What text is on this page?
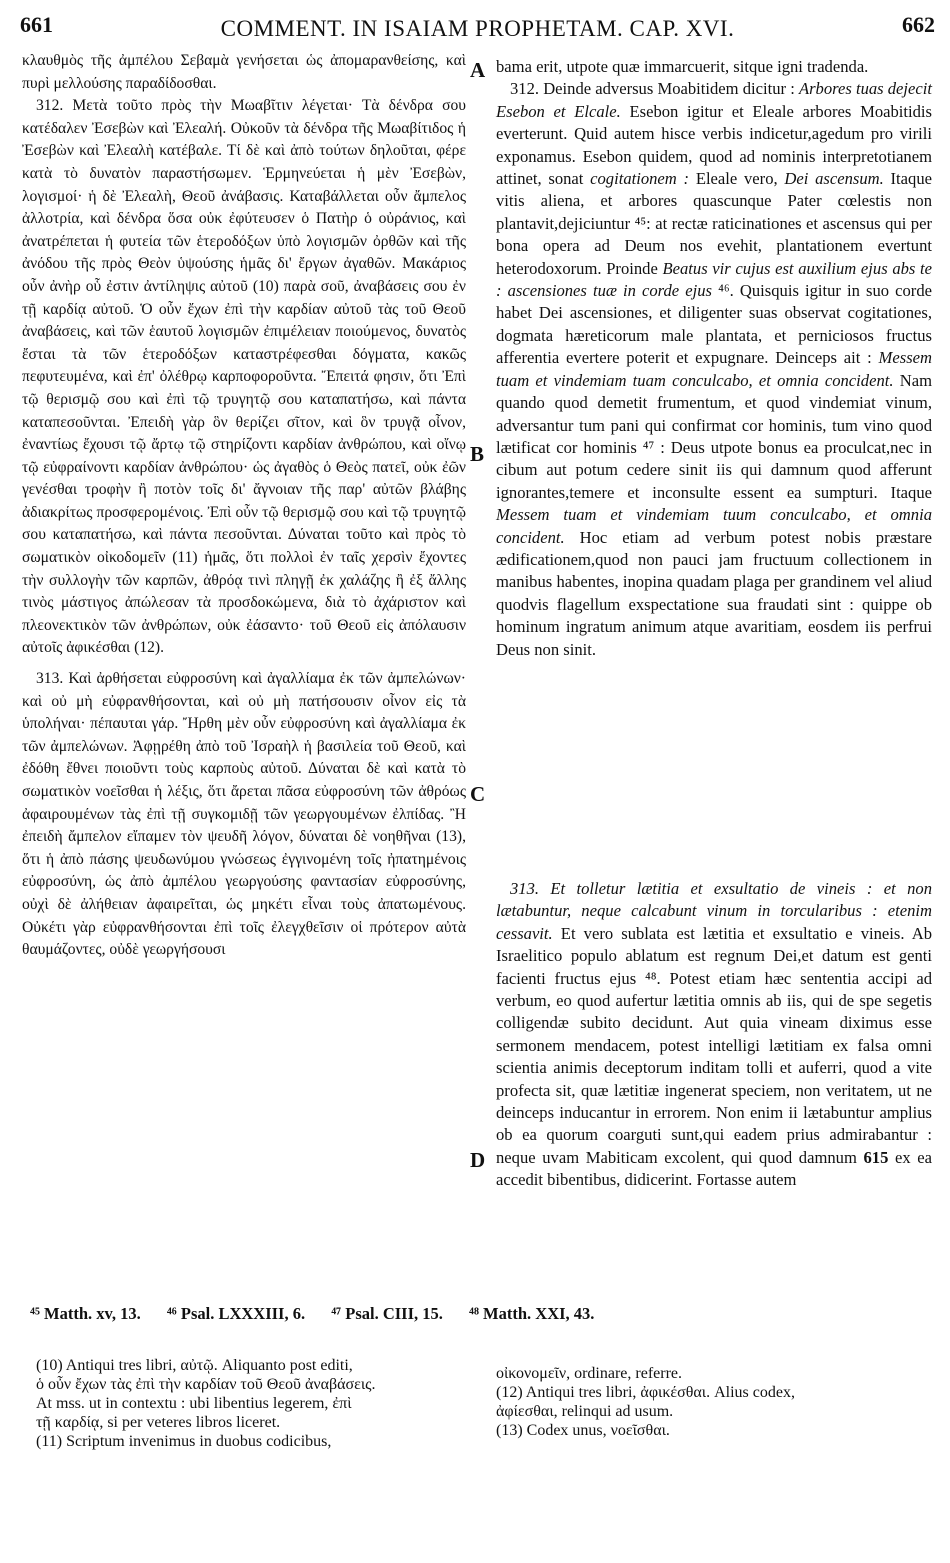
661	COMMENT. IN ISAIAM PROPHETAM. CAP. XVI.	662
κλαυθμὸς τῆς ἀμπέλου Σεβαμὰ γενήσεται ὡς ἀπομαρανθείσης, καὶ πυρὶ μελλούσης παραδίδοσθαι.
312. Μετὰ τοῦτο πρὸς τὴν Μωαβῖτιν λέγεται· Τὰ δένδρα σου κατέδαλεν Ἐσεβὼν καὶ Ἐλεαλή. Οὐκοῦν τὰ δένδρα τῆς Μωαβίτιδος ἡ Ἐσεβὼν καὶ Ἐλεαλὴ κατέβαλε. Τί δὲ καὶ ἀπὸ τούτων δηλοῦται, φέρε κατὰ τὸ δυνατὸν παραστήσωμεν. Ἑρμηνεύεται ἡ μὲν Ἐσεβὼν, λογισμοί· ἡ δὲ Ἐλεαλὴ, Θεοῦ ἀνάβασις. Καταβάλλεται οὖν ἄμπελος ἀλλοτρία, καὶ δένδρα ὅσα οὐκ ἐφύτευσεν ὁ Πατὴρ ὁ οὐράνιος, καὶ ἀνατρέπεται ἡ φυτεία τῶν ἑτεροδόξων ὑπὸ λογισμῶν ὀρθῶν καὶ τῆς ἀνόδου τῆς πρὸς Θεὸν ὑψούσης ἡμᾶς δι' ἔργων ἀγαθῶν. Μακάριος οὖν ἀνὴρ οὗ ἐστιν ἀντίληψις αὐτοῦ (10) παρὰ σοῦ, ἀναβάσεις σου ἐν τῇ καρδίᾳ αὐτοῦ. Ὁ οὖν ἔχων ἐπὶ τὴν καρδίαν αὐτοῦ τὰς τοῦ Θεοῦ ἀναβάσεις, καὶ τῶν ἑαυτοῦ λογισμῶν ἐπιμέλειαν ποιούμενος, δυνατὸς ἔσται τὰ τῶν ἑτεροδόξων καταστρέφεσθαι δόγματα, κακῶς πεφυτευμένα, καὶ ἐπ' ὀλέθρῳ καρποφοροῦντα. Ἔπειτά φησιν, ὅτι Ἐπὶ τῷ θερισμῷ σου καὶ ἐπὶ τῷ τρυγητῷ σου καταπατήσω, καὶ πάντα καταπεσοῦνται. Ἐπειδὴ γὰρ ὃν θερίζει σῖτον, καὶ ὃν τρυγᾷ οἶνον, ἐναντίως ἔχουσι τῷ ἄρτῳ τῷ στηρίζοντι καρδίαν ἀνθρώπου, καὶ οἴνῳ τῷ εὐφραίνοντι καρδίαν ἀνθρώπου· ὡς ἀγαθὸς ὁ Θεὸς πατεῖ, οὐκ ἐῶν γενέσθαι τροφὴν ἢ ποτὸν τοῖς δι' ἄγνοιαν τῆς παρ' αὐτῶν βλάβης ἀδιακρίτως προσφερομένοις. Ἐπὶ οὖν τῷ θερισμῷ σου καὶ τῷ τρυγητῷ σου καταπατήσω, καὶ πάντα πεσοῦνται. Δύναται τοῦτο καὶ πρὸς τὸ σωματικὸν οἰκοδομεῖν (11) ἡμᾶς, ὅτι πολλοὶ ἐν ταῖς χερσὶν ἔχοντες τὴν συλλογὴν τῶν καρπῶν, ἀθρόᾳ τινὶ πληγῇ ἐκ χαλάζης ἢ ἐξ ἄλλης τινὸς μάστιγος ἀπώλεσαν τὰ προσδοκώμενα, διὰ τὸ ἀχάριστον καὶ πλεονεκτικὸν τῶν ἀνθρώπων, οὐκ ἐάσαντο· τοῦ Θεοῦ εἰς ἀπόλαυσιν αὐτοῖς ἀφικέσθαι (12).
313. Καὶ ἀρθήσεται εὐφροσύνη καὶ ἀγαλλίαμα ἐκ τῶν ἀμπελώνων· καὶ οὐ μὴ εὐφρανθήσονται, καὶ οὐ μὴ πατήσουσιν οἶνον εἰς τὰ ὑπολήναι· πέπαυται γάρ. Ἤρθη μὲν οὖν εὐφροσύνη καὶ ἀγαλλίαμα ἐκ τῶν ἀμπελώνων. Ἀφῃρέθη ἀπὸ τοῦ Ἰσραὴλ ἡ βασιλεία τοῦ Θεοῦ, καὶ ἐδόθη ἔθνει ποιοῦντι τοὺς καρποὺς αὐτοῦ. Δύναται δὲ καὶ κατὰ τὸ σωματικὸν νοεῖσθαι ἡ λέξις, ὅτι ἄρεται πᾶσα εὐφροσύνη τῶν ἀθρόως ἀφαιρουμένων τὰς ἐπὶ τῇ συγκομιδῇ τῶν γεωργουμένων ἐλπίδας. Ἢ ἐπειδὴ ἄμπελον εἴπαμεν τὸν ψευδῆ λόγον, δύναται δὲ νοηθῆναι (13), ὅτι ἡ ἀπὸ πάσης ψευδωνύμου γνώσεως ἐγγινομένη τοῖς ἠπατημένοις εὐφροσύνη, ὡς ἀπὸ ἀμπέλου γεωργούσης φαντασίαν εὐφροσύνης, οὐχὶ δὲ ἀλήθειαν ἀφαιρεῖται, ὡς μηκέτι εἶναι τοὺς ἀπατωμένους. Οὐκέτι γὰρ εὐφρανθήσονται ἐπὶ τοῖς ἐλεγχθεῖσιν οἱ πρότερον αὐτὰ θαυμάζοντες, οὐδὲ γεωργήσουσι
A
B
C
D
bama erit, utpote quæ immarcuerit, sitque igni tradenda.
312. Deinde adversus Moabitidem dicitur : Arbores tuas dejecit Esebon et Elcale. Esebon igitur et Eleale arbores Moabitidis everterunt. Quid autem hisce verbis indicetur,agedum pro virili exponamus. Esebon quidem, quod ad nominis interpretotianem attinet, sonat cogitationem : Eleale vero, Dei ascensum. Itaque vitis aliena, et arbores quascunque Pater cœlestis non plantavit,dejiciuntur ⁴⁵: at rectæ raticinationes et ascensus qui per bona opera ad Deum nos evehit, plantationem evertunt heterodoxorum. Proinde Beatus vir cujus est auxilium ejus abs te : ascensiones tuæ in corde ejus ⁴⁶. Quisquis igitur in suo corde habet Dei ascensiones, et diligenter suas observat cogitationes, dogmata hæreticorum male plantata, et perniciosos fructus afferentia evertere poterit et expugnare. Deinceps ait : Messem tuam et vindemiam tuam conculcabo, et omnia concident. Nam quando quod demetit frumentum, et quod vindemiat vinum, adversantur tum pani qui confirmat cor hominis, tum vino quod lætificat cor hominis ⁴⁷ : Deus utpote bonus ea proculcat,nec in cibum aut potum cedere sinit iis qui damnum quod afferunt ignorantes,temere et inconsulte essent ea sumpturi. Itaque Messem tuam et vindemiam tuum conculcabo, et omnia concident. Hoc etiam ad verbum potest nobis præstare ædificationem,quod non pauci jam fructuum collectionem in manibus habentes, inopina quadam plaga per grandinem vel aliud quodvis flagellum exspectatione sua fraudati sint : quippe ob hominum ingratum animum atque avaritiam, eosdem iis perfrui Deus non sinit.
313. Et tolletur lætitia et exsultatio de vineis : et non lætabuntur, neque calcabunt vinum in torcularibus : etenim cessavit. Et vero sublata est lætitia et exsultatio e vineis. Ab Israelitico populo ablatum est regnum Dei,et datum est genti facienti fructus ejus ⁴⁸. Potest etiam hæc sententia accipi ad verbum, eo quod aufertur lætitia omnis ab iis, qui de spe segetis colligendæ subito decidunt. Aut quia vineam diximus esse sermonem mendacem, potest intelligi lætitiam ex falsa omni scientia animis deceptorum inditam tolli et auferri, quod a vite profecta sit, quæ lætitiæ ingenerat speciem, non veritatem, ut ne deinceps inducantur in errorem. Non enim ii lætabuntur amplius ob ea quorum coarguti sunt,qui eadem prius admirabantur : neque uvam Mabiticam excolent, qui quod damnum 615 ex ea accedit bibentibus, didicerint. Fortasse autem
⁴⁵ Matth. xv, 13. ⁴⁶ Psal. LXXXIII, 6. ⁴⁷ Psal. CIII, 15. ⁴⁸ Matth. XXI, 43.
(10) Antiqui tres libri, αὐτῷ. Aliquanto post editi,
ὁ οὖν ἔχων τὰς ἐπὶ τὴν καρδίαν τοῦ Θεοῦ ἀναβάσεις.
At mss. ut in contextu : ubi libentius legerem, ἐπὶ
τῇ καρδίᾳ, si per veteres libros liceret.
(11) Scriptum invenimus in duobus codicibus,
οἰκονομεῖν, ordinare, referre.
(12) Antiqui tres libri, ἀφικέσθαι. Alius codex,
ἀφίεσθαι, relinqui ad usum.
(13) Codex unus, νοεῖσθαι.
